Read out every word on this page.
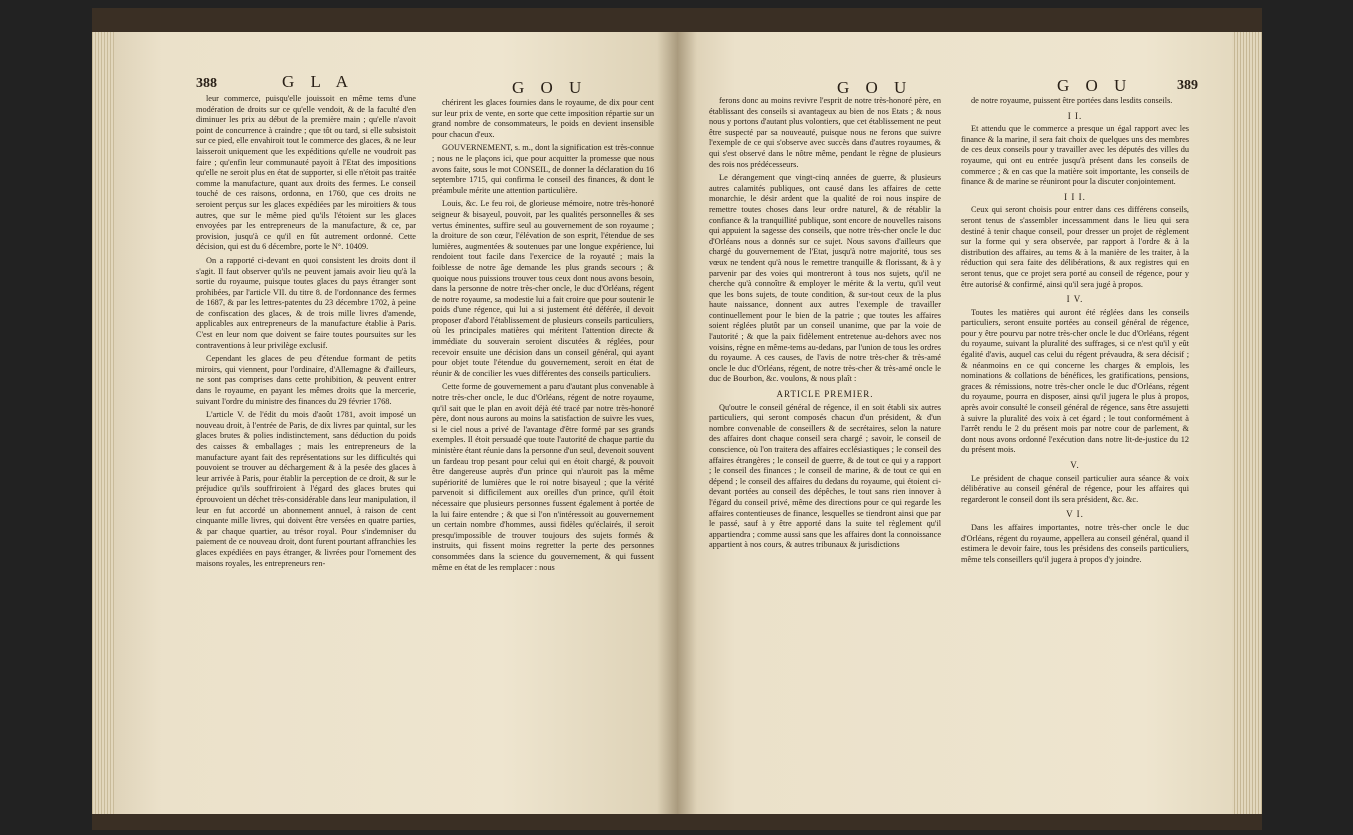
388	G L A	G O U

leur commerce, puisqu'elle jouissoit en même tems d'une modération de droits sur ce qu'elle vendoit, & de la faculté d'en diminuer les prix au début de la première main ; qu'elle n'avoit point de concurrence à craindre ; que tôt ou tard, si elle subsistoit sur ce pied, elle envahiroit tout le commerce des glaces, & ne leur laisseroit uniquement que les expéditions qu'elle ne voudroit pas faire ; qu'enfin leur communauté payoit à l'Etat des impositions qu'elle ne seroit plus en état de supporter, si elle n'étoit pas traitée comme la manufacture, quant aux droits des fermes. Le conseil touché de ces raisons, ordonna, en 1760, que ces droits ne seroient perçus sur les glaces expédiées par les miroitiers & tous autres, que sur le même pied qu'ils l'étoient sur les glaces envoyées par les entrepreneurs de la manufacture, & ce, par provision, jusqu'à ce qu'il en fût autrement ordonné. Cette décision, qui est du 6 décembre, porte le N°. 10409.

On a rapporté ci-devant en quoi consistent les droits dont il s'agit. Il faut observer qu'ils ne peuvent jamais avoir lieu qu'à la sortie du royaume, puisque toutes glaces du pays étranger sont prohibées, par l'article VII. du titre 8. de l'ordonnance des fermes de 1687, & par les lettres-patentes du 23 décembre 1702, à peine de confiscation des glaces, & de trois mille livres d'amende, applicables aux entrepreneurs de la manufacture établie à Paris. C'est en leur nom que doivent se faire toutes poursuites sur les contraventions à leur privilège exclusif.

Cependant les glaces de peu d'étendue formant de petits miroirs, qui viennent, pour l'ordinaire, d'Allemagne & d'ailleurs, ne sont pas comprises dans cette prohibition, & peuvent entrer dans le royaume, en payant les mêmes droits que la mercerie, suivant l'ordre du ministre des finances du 29 février 1768.

L'article V. de l'édit du mois d'août 1781, avoit imposé un nouveau droit, à l'entrée de Paris, de dix livres par quintal, sur les glaces brutes & polies indistinctement, sans déduction du poids des caisses & emballages ; mais les entrepreneurs de la manufacture ayant fait des représentations sur les difficultés qui pouvoient se trouver au déchargement & à la pesée des glaces à leur arrivée à Paris, pour établir la perception de ce droit, & sur le préjudice qu'ils souffriroient à l'égard des glaces brutes qui éprouvoient un déchet très-considérable dans leur manipulation, il leur en fut accordé un abonnement annuel, à raison de cent cinquante mille livres, qui doivent être versées en quatre parties, & par chaque quartier, au trésor royal. Pour s'indemniser du paiement de ce nouveau droit, dont furent pourtant affranchies les glaces expédiées en pays étranger, & livrées pour l'ornement des maisons royales, les entrepreneurs ren-

chérirent les glaces fournies dans le royaume, de dix pour cent sur leur prix de vente, en sorte que cette imposition répartie sur un grand nombre de consommateurs, le poids en devient insensible pour chacun d'eux.

GOUVERNEMENT, s. m., dont la signification est très-connue ; nous ne le plaçons ici, que pour acquitter la promesse que nous avons faite, sous le mot CONSEIL, de donner la déclaration du 16 septembre 1715, qui confirma le conseil des finances, & dont le préambule mérite une attention particulière.

Louis, &c. Le feu roi, de glorieuse mémoire, notre très-honoré seigneur & bisayeul, pouvoit, par les qualités personnelles & ses vertus éminentes, suffire seul au gouvernement de son royaume ; la droiture de son cœur, l'élévation de son esprit, l'étendue de ses lumières, augmentées & soutenues par une longue expérience, lui rendoient tout facile dans l'exercice de la royauté ; mais la foiblesse de notre âge demande les plus grands secours ; & quoique nous puissions trouver tous ceux dont nous avons besoin, dans la personne de notre très-cher oncle, le duc d'Orléans, régent de notre royaume, sa modestie lui a fait croire que pour soutenir le poids d'une régence, qui lui a si justement été déférée, il devoit proposer d'abord l'établissement de plusieurs conseils particuliers, où les principales matières qui méritent l'attention directe & immédiate du souverain seroient discutées & réglées, pour recevoir ensuite une décision dans un conseil général, qui ayant pour objet toute l'étendue du gouvernement, seroit en état de réunir & de concilier les vues différentes des conseils particuliers.

Cette forme de gouvernement a paru d'autant plus convenable à notre très-cher oncle, le duc d'Orléans, régent de notre royaume, qu'il sait que le plan en avoit déjà été tracé par notre très-honoré père, dont nous aurons au moins la satisfaction de suivre les vues, si le ciel nous a privé de l'avantage d'être formé par ses grands exemples. Il étoit persuadé que toute l'autorité de chaque partie du ministère étant réunie dans la personne d'un seul, devenoit souvent un fardeau trop pesant pour celui qui en étoit chargé, & pouvoit être dangereuse auprès d'un prince qui n'auroit pas la même supériorité de lumières que le roi notre bisayeul ; que la vérité parvenoit si difficilement aux oreilles d'un prince, qu'il étoit nécessaire que plusieurs personnes fussent également à portée de la lui faire entendre ; & que si l'on n'intéressoit au gouvernement un certain nombre d'hommes, aussi fidèles qu'éclairés, il seroit presqu'impossible de trouver toujours des sujets formés & instruits, qui fissent moins regretter la perte des personnes consommées dans la science du gouvernement, & qui fussent même en état de les remplacer : nous

G O U	G O U	389

ferons donc au moins revivre l'esprit de notre très-honoré père, en établissant des conseils si avantageux au bien de nos Etats ; & nous nous y portons d'autant plus volontiers, que cet établissement ne peut être suspecté par sa nouveauté, puisque nous ne ferons que suivre l'exemple de ce qui s'observe avec succès dans d'autres royaumes, & qui s'est observé dans le nôtre même, pendant le règne de plusieurs des rois nos prédécesseurs.

Le dérangement que vingt-cinq années de guerre, & plusieurs autres calamités publiques, ont causé dans les affaires de cette monarchie, le désir ardent que la qualité de roi nous inspire de remettre toutes choses dans leur ordre naturel, & de rétablir la confiance & la tranquillité publique, sont encore de nouvelles raisons qui appuient la sagesse des conseils, que notre très-cher oncle le duc d'Orléans nous a donnés sur ce sujet. Nous savons d'ailleurs que chargé du gouvernement de l'Etat, jusqu'à notre majorité, tous ses vœux ne tendent qu'à nous le remettre tranquille & florissant, & à y parvenir par des voies qui montreront à tous nos sujets, qu'il ne cherche qu'à connoître & employer le mérite & la vertu, qu'il veut que les bons sujets, de toute condition, & sur-tout ceux de la plus haute naissance, donnent aux autres l'exemple de travailler continuellement pour le bien de la patrie ; que toutes les affaires soient réglées plutôt par un conseil unanime, que par la voie de l'autorité ; & que la paix fidèlement entretenue au-dehors avec nos voisins, règne en même-tems au-dedans, par l'union de tous les ordres du royaume. A ces causes, de l'avis de notre très-cher & très-amé oncle le duc d'Orléans, régent, de notre très-cher & très-amé oncle le duc de Bourbon, &c. voulons, & nous plaît :

ARTICLE PREMIER.

Qu'outre le conseil général de régence, il en soit établi six autres particuliers, qui seront composés chacun d'un président, & d'un nombre convenable de conseillers & de secrétaires, selon la nature des affaires dont chaque conseil sera chargé ; savoir, le conseil de conscience, où l'on traitera des affaires ecclésiastiques ; le conseil des affaires étrangères ; le conseil de guerre, & de tout ce qui y a rapport ; le conseil des finances ; le conseil de marine, & de tout ce qui en dépend ; le conseil des affaires du dedans du royaume, qui étoient ci-devant portées au conseil des dépêches, le tout sans rien innover à l'égard du conseil privé, même des directions pour ce qui regarde les affaires contentieuses de finance, lesquelles se tiendront ainsi que par le passé, sauf à y être apporté dans la suite tel règlement qu'il appartiendra ; comme aussi sans que les affaires dont la connoissance appartient à nos cours, & autres tribunaux & jurisdictions

de notre royaume, puissent être portées dans lesdits conseils.

I I.

Et attendu que le commerce a presque un égal rapport avec les finance & la marine, il sera fait choix de quelques uns des membres de ces deux conseils pour y travailler avec les députés des villes du royaume, qui ont eu entrée jusqu'à présent dans les conseils de commerce ; & en cas que la matière soit importante, les conseils de finance & de marine se réuniront pour la discuter conjointement.

I I I.

Ceux qui seront choisis pour entrer dans ces différens conseils, seront tenus de s'assembler incessamment dans le lieu qui sera destiné à tenir chaque conseil, pour dresser un projet de règlement sur la forme qui y sera observée, par rapport à l'ordre & à la distribution des affaires, au tems & à la manière de les traiter, à la réduction qui sera faite des délibérations, & aux registres qui en seront tenus, que ce projet sera porté au conseil de régence, pour y être autorisé & confirmé, ainsi qu'il sera jugé à propos.

I V.

Toutes les matières qui auront été réglées dans les conseils particuliers, seront ensuite portées au conseil général de régence, pour y être pourvu par notre très-cher oncle le duc d'Orléans, régent du royaume, suivant la pluralité des suffrages, si ce n'est qu'il y eût égalité d'avis, auquel cas celui du régent prévaudra, & sera décisif ; & néanmoins en ce qui concerne les charges & emplois, les nominations & collations de bénéfices, les gratifications, pensions, graces & rémissions, notre très-cher oncle le duc d'Orléans, régent du royaume, pourra en disposer, ainsi qu'il jugera le plus à propos, après avoir consulté le conseil général de régence, sans être assujetti à suivre la pluralité des voix à cet égard ; le tout conformément à l'arrêt rendu le 2 du présent mois par notre cour de parlement, & dont nous avons ordonné l'exécution dans notre lit-de-justice du 12 du présent mois.

V.

Le président de chaque conseil particulier aura séance & voix délibérative au conseil général de régence, pour les affaires qui regarderont le conseil dont ils sera président, &c. &c.

V I.

Dans les affaires importantes, notre très-cher oncle le duc d'Orléans, régent du royaume, appellera au conseil général, quand il estimera le devoir faire, tous les présidens des conseils particuliers, même tels conseillers qu'il jugera à propos d'y joindre.
